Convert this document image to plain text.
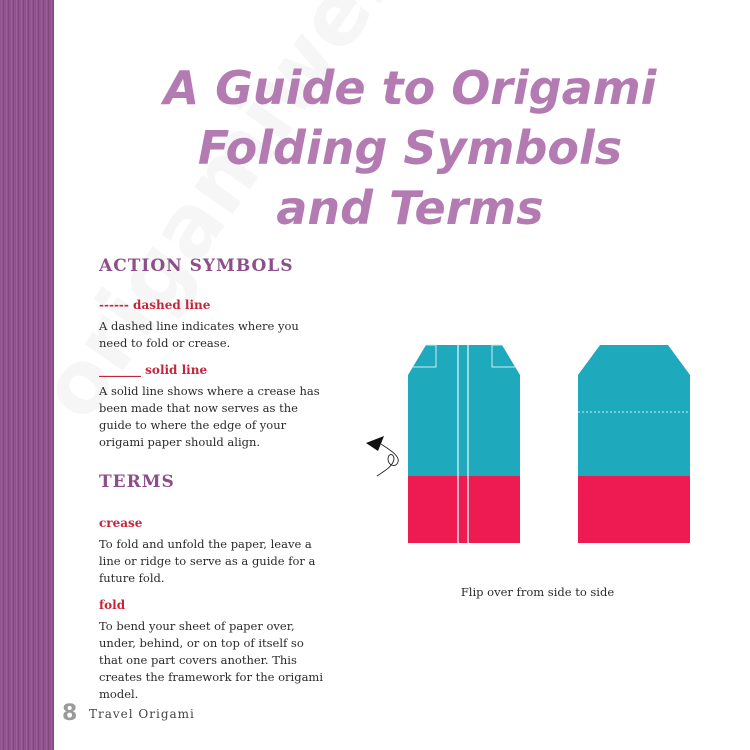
A Guide to Origami
Folding Symbols
and Terms
ACTION SYMBOLS
------ dashed line
A dashed line indicates where you need to fold or crease.
_______ solid line
A solid line shows where a crease has been made that now serves as the guide to where the edge of your origami paper should align.
TERMS
crease
To fold and unfold the paper, leave a line or ridge to serve as a guide for a future fold.
fold
To bend your sheet of paper over, under, behind, or on top of itself so that one part covers another. This creates the framework for the origami model.
Flip over from side to side
8 Travel Origami
